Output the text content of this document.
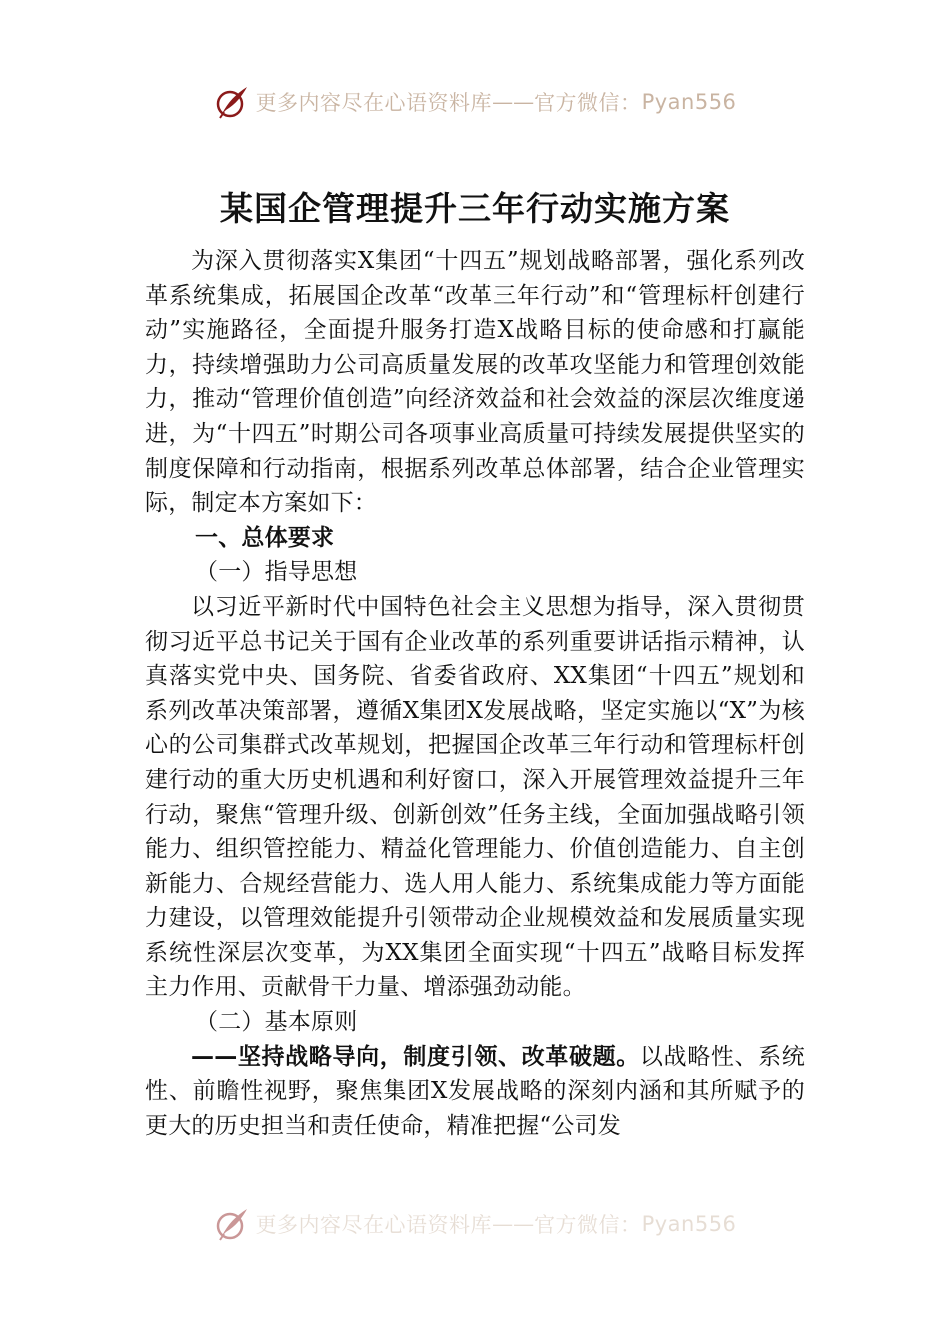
更多内容尽在心语资料库 —— 官方微信： Pyan556
某国企管理提升三年行动实施方案

为深入贯彻落实X集团“十四五”规划战略部署，强化系列改革系统集成，拓展国企改革“改革三年行动”和“管理标杆创建行动”实施路径，全面提升服务打造X战略目标的使命感和打赢能力，持续增强助力公司高质量发展的改革攻坚能力和管理创效能力，推动“管理价值创造”向经济效益和社会效益的深层次维度递进，为“十四五”时期公司各项事业高质量可持续发展提供坚实的制度保障和行动指南，根据系列改革总体部署，结合企业管理实际，制定本方案如下：

一、总体要求
（一）指导思想

以习近平新时代中国特色社会主义思想为指导，深入贯彻贯彻习近平总书记关于国有企业改革的系列重要讲话指示精神，认真落实党中央、国务院、省委省政府、XX集团“十四五”规划和系列改革决策部署，遵循X集团X发展战略，坚定实施以“X”为核心的公司集群式改革规划，把握国企改革三年行动和管理标杆创建行动的重大历史机遇和利好窗口，深入开展管理效益提升三年行动，聚焦“管理升级、创新创效”任务主线，全面加强战略引领能力、组织管控能力、精益化管理能力、价值创造能力、自主创新能力、合规经营能力、选人用人能力、系统集成能力等方面能力建设，以管理效能提升引领带动企业规模效益和发展质量实现系统性深层次变革，为XX集团全面实现“十四五”战略目标发挥主力作用、贡献骨干力量、增添强劲动能。

（二）基本原则

——坚持战略导向，制度引领、改革破题。以战略性、系统性、前瞻性视野，聚焦集团X发展战略的深刻内涵和其所赋予的更大的历史担当和责任使命，精准把握“公司发

更多内容尽在心语资料库 —— 官方微信： Pyan556
